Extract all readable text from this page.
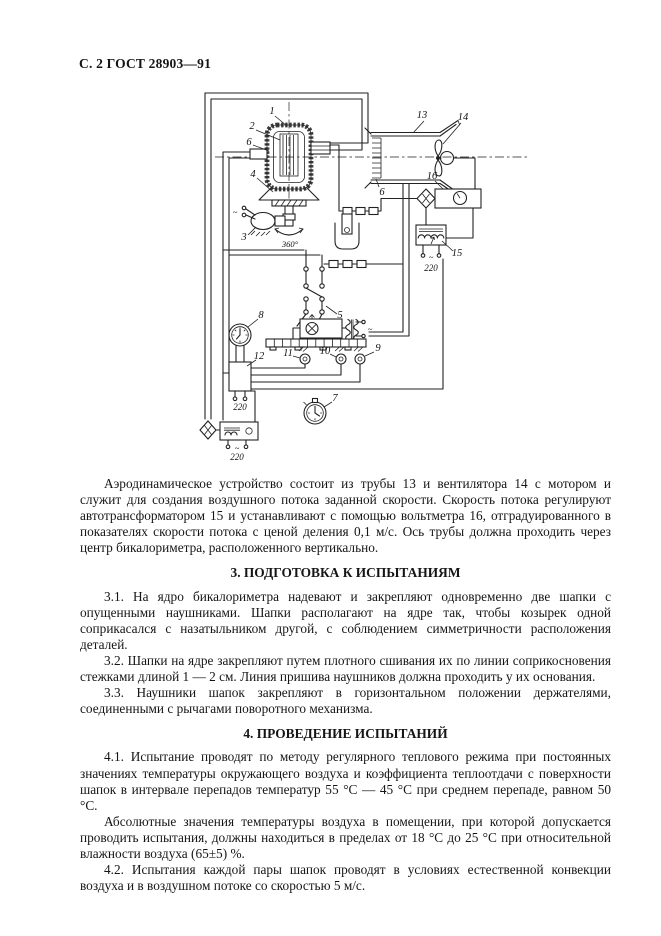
С. 2 ГОСТ 28903—91
1
2
6
4
3
360°
13	14
6
16
15
5
8
12 11	10	9
7
220
220
220
~
~
~
~

Аэродинамическое устройство состоит из трубы 13 и вентилятора 14 с мотором и служит для создания воздушного потока заданной скорости. Скорость потока регулируют автотрансформатором 15 и устанавливают с помощью вольтметра 16, отградуированного в показателях скорости потока с ценой деления 0,1 м/с. Ось трубы должна проходить через центр бикалориметра, расположенного вертикально.

3. ПОДГОТОВКА К ИСПЫТАНИЯМ

3.1. На ядро бикалориметра надевают и закрепляют одновременно две шапки с опущенными наушниками. Шапки располагают на ядре так, чтобы козырек одной соприкасался с назатыльником другой, с соблюдением симметричности расположения деталей.

3.2. Шапки на ядре закрепляют путем плотного сшивания их по линии соприкосновения стежками длиной 1 — 2 см. Линия пришива наушников должна проходить у их основания.

3.3. Наушники шапок закрепляют в горизонтальном положении держателями, соединенными с рычагами поворотного механизма.

4. ПРОВЕДЕНИЕ ИСПЫТАНИЙ

4.1. Испытание проводят по методу регулярного теплового режима при постоянных значениях температуры окружающего воздуха и коэффициента теплоотдачи с поверхности шапок в интервале перепадов температур 55 °С — 45 °С при среднем перепаде, равном 50 °С.

Абсолютные значения температуры воздуха в помещении, при которой допускается проводить испытания, должны находиться в пределах от 18 °С до 25 °С при относительной влажности воздуха (65±5) %.

4.2. Испытания каждой пары шапок проводят в условиях естественной конвекции воздуха и в воздушном потоке со скоростью 5 м/с.
